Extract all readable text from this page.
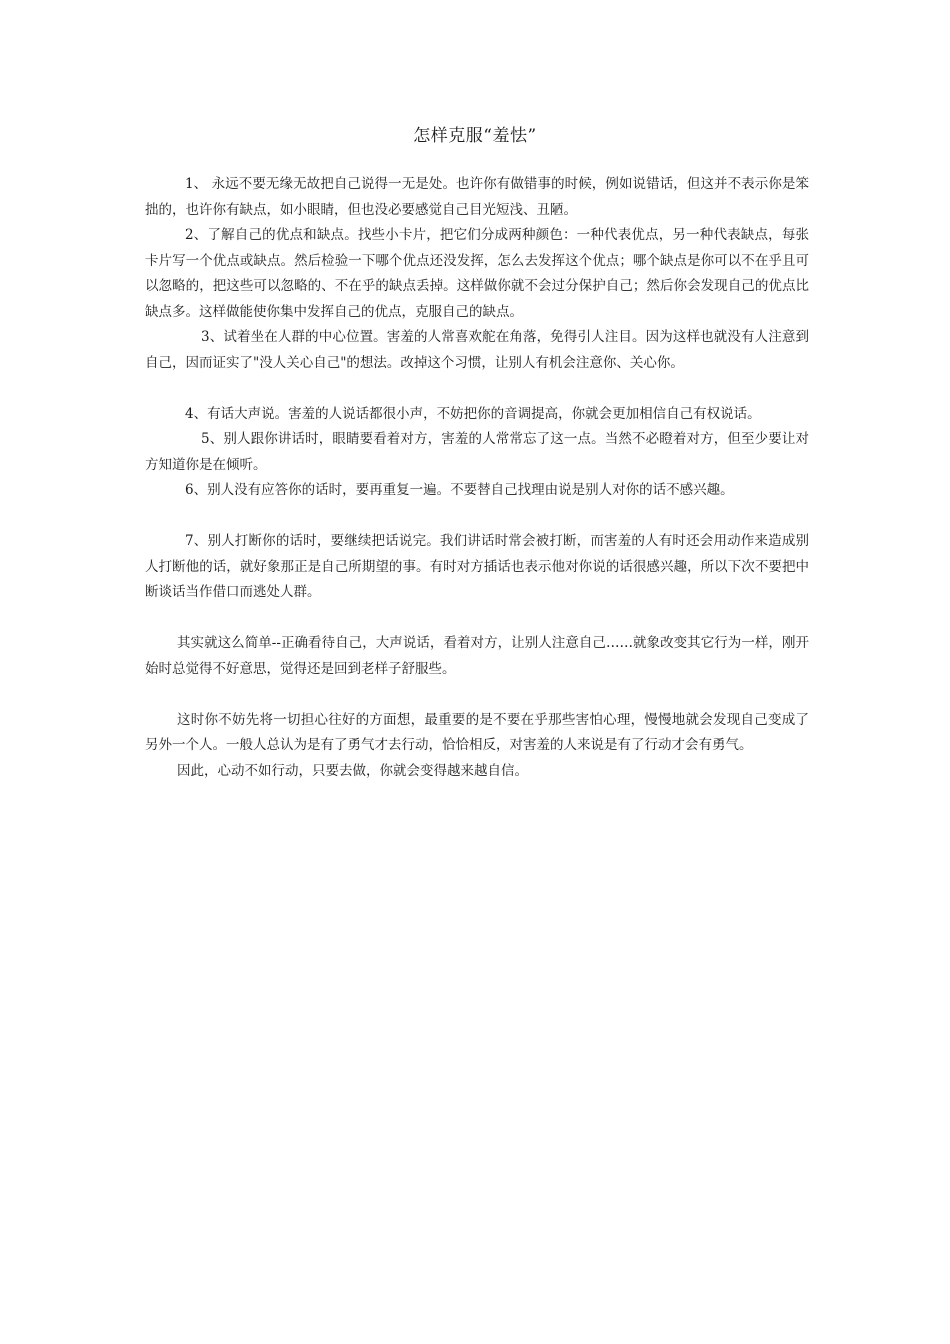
怎样克服“羞怯”

1、 永远不要无缘无故把自己说得一无是处。也许你有做错事的时候，例如说错话，但这并不表示你是笨拙的，也许你有缺点，如小眼睛，但也没必要感觉自己目光短浅、丑陋。

2、了解自己的优点和缺点。找些小卡片，把它们分成两种颜色：一种代表优点，另一种代表缺点，每张卡片写一个优点或缺点。然后检验一下哪个优点还没发挥，怎么去发挥这个优点；哪个缺点是你可以不在乎且可以忽略的，把这些可以忽略的、不在乎的缺点丢掉。这样做你就不会过分保护自己；然后你会发现自己的优点比缺点多。这样做能使你集中发挥自己的优点，克服自己的缺点。

3、试着坐在人群的中心位置。害羞的人常喜欢舵在角落，免得引人注目。因为这样也就没有人注意到自己，因而证实了"没人关心自己"的想法。改掉这个习惯，让别人有机会注意你、关心你。

4、有话大声说。害羞的人说话都很小声，不妨把你的音调提高，你就会更加相信自己有权说话。

5、别人跟你讲话时，眼睛要看着对方，害羞的人常常忘了这一点。当然不必瞪着对方，但至少要让对方知道你是在倾听。

6、别人没有应答你的话时，要再重复一遍。不要替自己找理由说是别人对你的话不感兴趣。

7、别人打断你的话时，要继续把话说完。我们讲话时常会被打断，而害羞的人有时还会用动作来造成别人打断他的话，就好象那正是自己所期望的事。有时对方插话也表示他对你说的话很感兴趣，所以下次不要把中断谈话当作借口而逃处人群。

其实就这么简单--正确看待自己，大声说话，看着对方，让别人注意自己……就象改变其它行为一样，刚开始时总觉得不好意思，觉得还是回到老样子舒服些。

这时你不妨先将一切担心往好的方面想，最重要的是不要在乎那些害怕心理，慢慢地就会发现自己变成了另外一个人。一般人总认为是有了勇气才去行动，恰恰相反，对害羞的人来说是有了行动才会有勇气。

因此，心动不如行动，只要去做，你就会变得越来越自信。
